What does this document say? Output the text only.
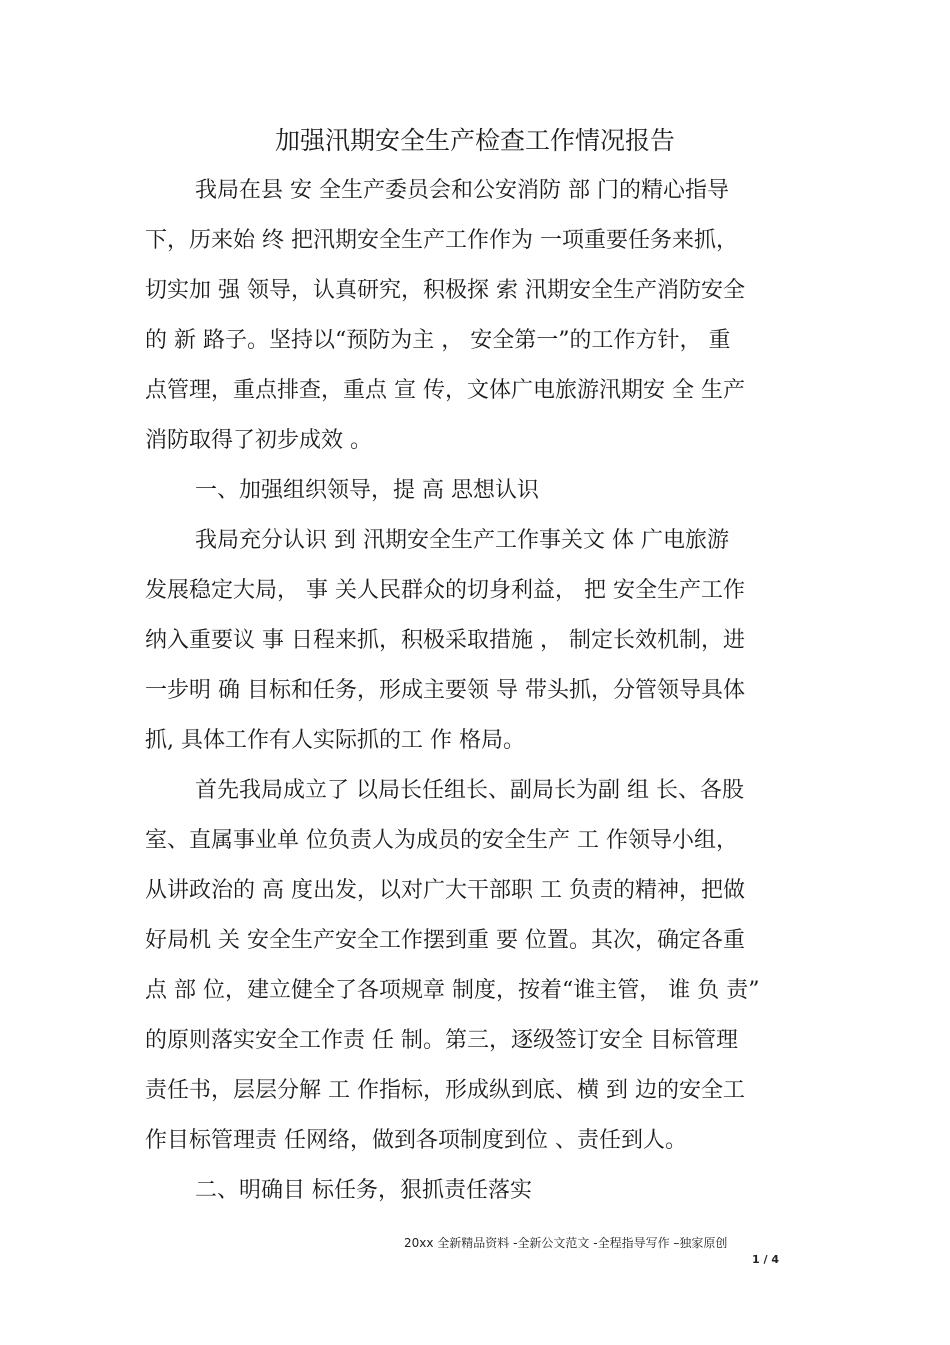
加强汛期安全生产检查工作情况报告
我局在县 安 全生产委员会和公安消防 部 门的精心指导
下，历来始 终 把汛期安全生产工作作为 一项重要任务来抓，
切实加 强 领导，认真研究，积极探 索 汛期安全生产消防安全
的 新 路子。坚持以“预防为主 ， 安全第一”的工作方针， 重
点管理，重点排查，重点 宣 传，文体广电旅游汛期安 全 生产
消防取得了初步成效 。
一、加强组织领导，提 高 思想认识
我局充分认识 到 汛期安全生产工作事关文 体 广电旅游
发展稳定大局， 事 关人民群众的切身利益， 把 安全生产工作
纳入重要议 事 日程来抓，积极采取措施 ， 制定长效机制，进
一步明 确 目标和任务，形成主要领 导 带头抓，分管领导具体
抓, 具体工作有人实际抓的工 作 格局。
首先我局成立了 以局长任组长、副局长为副 组 长、各股
室、直属事业单 位负责人为成员的安全生产 工 作领导小组，
从讲政治的 高 度出发，以对广大干部职 工 负责的精神，把做
好局机 关 安全生产安全工作摆到重 要 位置。其次，确定各重
点 部 位，建立健全了各项规章 制度，按着“谁主管， 谁 负 责”
的原则落实安全工作责 任 制。第三，逐级签订安全 目标管理
责任书，层层分解 工 作指标，形成纵到底、横 到 边的安全工
作目标管理责 任网络，做到各项制度到位 、责任到人。
二、明确目 标任务，狠抓责任落实
20xx 全新精品资料 -全新公文范文 -全程指导写作 –独家原创
1 / 4
